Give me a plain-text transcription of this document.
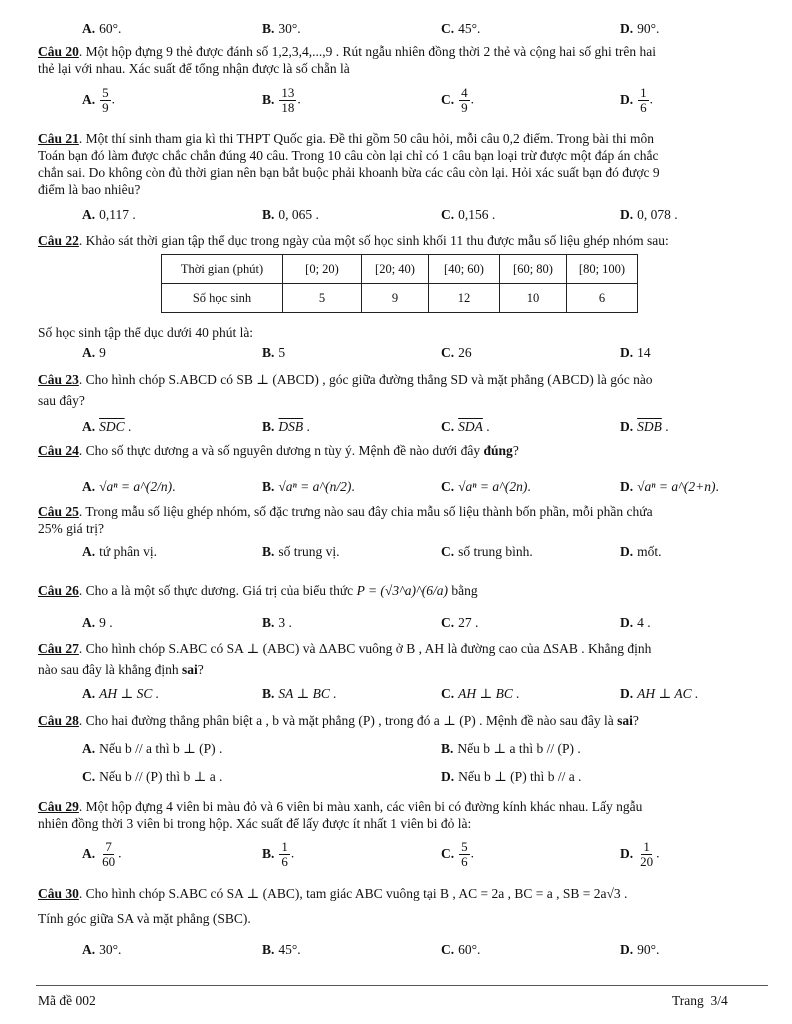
A. 60°.	B. 30°.	C. 45°.	D. 90°.
Câu 20. Một hộp đựng 9 thẻ được đánh số 1,2,3,4,...,9 . Rút ngẫu nhiên đồng thời 2 thẻ và cộng hai số ghi trên hai
thẻ lại với nhau. Xác suất để tổng nhận được là số chẵn là
A. $\frac{5}{9}$ .	B. $\frac{13}{18}$ .	C. $\frac{4}{9}$ .	D. $\frac{1}{6}$ .
Câu 21. Một thí sinh tham gia kì thi THPT Quốc gia. Đề thi gồm 50 câu hỏi, mỗi câu 0,2 điểm. Trong bài thi môn
Toán bạn đó làm được chắc chắn đúng 40 câu. Trong 10 câu còn lại chỉ có 1 câu bạn loại trừ được một đáp án chắc
chắn sai. Do không còn đủ thời gian nên bạn bắt buộc phải khoanh bừa các câu còn lại. Hỏi xác suất bạn đó được 9
điểm là bao nhiêu?
A. 0,117 .	B. 0, 065 .	C. 0,156 .	D. 0, 078 .
Câu 22. Khảo sát thời gian tập thể dục trong ngày của một số học sinh khối 11 thu được mẫu số liệu ghép nhóm sau:
Thời gian (phút)	[0; 20)	[20; 40)	[40; 60)	[60; 80)	[80; 100)
Số học sinh	5	9	12	10	6
Số học sinh tập thể dục dưới 40 phút là:
A. 9	B. 5	C. 26	D. 14
Câu 23. Cho hình chóp S.ABCD có SB ⊥ (ABCD) , góc giữa đường thẳng SD và mặt phẳng (ABCD) là góc nào
sau đây?
A. $\overline{SDC}$ .	B. $\overline{DSB}$ .	C. $\overline{SDA}$ .	D. $\overline{SDB}$ .
Câu 24. Cho số thực dương a và số nguyên dương n tùy ý. Mệnh đề nào dưới đây đúng?
A. √aⁿ = a^(2/n).	B. √aⁿ = a^(n/2).	C. √aⁿ = a^(2n).	D. √aⁿ = a^(2+n).
Câu 25. Trong mẫu số liệu ghép nhóm, số đặc trưng nào sau đây chia mẫu số liệu thành bốn phần, mỗi phần chứa
25% giá trị?
A. tứ phân vị.	B. số trung vị.	C. số trung bình.	D. mốt.
Câu 26. Cho a là một số thực dương. Giá trị của biểu thức P = (√3^a)^(6/a) bằng
A. 9 .	B. 3 .	C. 27 .	D. 4 .
Câu 27. Cho hình chóp S.ABC có SA ⊥ (ABC) và ΔABC vuông ở B , AH là đường cao của ΔSAB . Khẳng định
nào sau đây là khẳng định sai?
A. AH ⊥ SC .	B. SA ⊥ BC .	C. AH ⊥ BC .	D. AH ⊥ AC .
Câu 28. Cho hai đường thẳng phân biệt a , b và mặt phẳng (P) , trong đó a ⊥ (P) . Mệnh đề nào sau đây là sai?
A. Nếu b // a thì b ⊥ (P) .	B. Nếu b ⊥ a thì b // (P) .
C. Nếu b // (P) thì b ⊥ a .	D. Nếu b ⊥ (P) thì b // a .
Câu 29. Một hộp đựng 4 viên bi màu đỏ và 6 viên bi màu xanh, các viên bi có đường kính khác nhau. Lấy ngẫu
nhiên đồng thời 3 viên bi trong hộp. Xác suất để lấy được ít nhất 1 viên bi đỏ là:
A. $\frac{7}{60}$ .	B. $\frac{1}{6}$ .	C. $\frac{5}{6}$ .	D. $\frac{1}{20}$ .
Câu 30. Cho hình chóp S.ABC có SA ⊥ (ABC), tam giác ABC vuông tại B , AC = 2a , BC = a , SB = 2a√3 .
Tính góc giữa SA và mặt phẳng (SBC).
A. 30°.	B. 45°.	C. 60°.	D. 90°.
Mã đề 002	Trang  3/4
